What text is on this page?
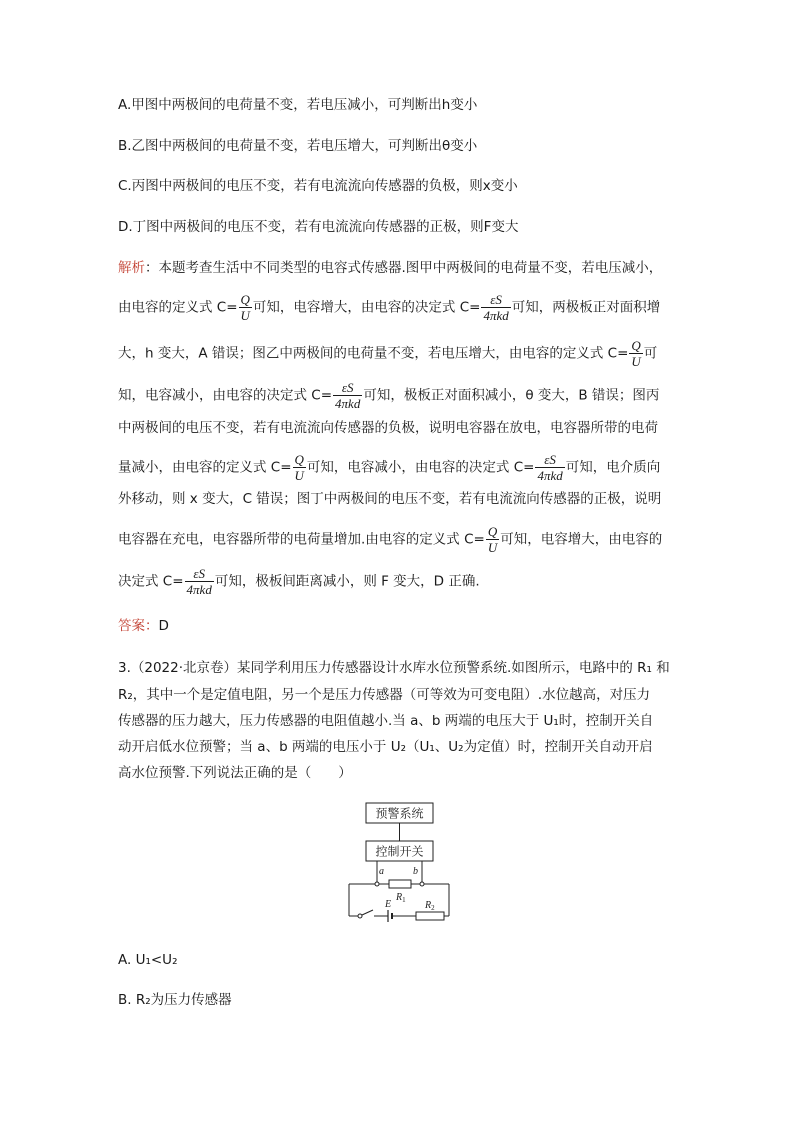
A.甲图中两极间的电荷量不变，若电压减小，可判断出h变小
B.乙图中两极间的电荷量不变，若电压增大，可判断出θ变小
C.丙图中两极间的电压不变，若有电流流向传感器的负极，则x变小
D.丁图中两极间的电压不变，若有电流流向传感器的正极，则F变大
解析：本题考查生活中不同类型的电容式传感器.图甲中两极间的电荷量不变，若电压减小，
由电容的定义式 $C= \frac{Q}{U}$ 可知，电容增大，由电容的决定式 $C= \frac{\varepsilon S}{\text{4πkd}}$ 可知，两极板正对面积增
大，h 变大，A 错误；图乙中两极间的电荷量不变，若电压增大，由电容的定义式 $C= \frac{Q}{U}$ 可
知，电容减小，由电容的决定式 $C= \frac{\varepsilon S}{\text{4πkd}}$ 可知，极板正对面积减小，θ 变大，B 错误；图丙
中两极间的电压不变，若有电流流向传感器的负极，说明电容器在放电，电容器所带的电荷
量减小，由电容的定义式 $C= \frac{Q}{U}$ 可知，电容减小，由电容的决定式 $C= \frac{\varepsilon S}{\text{4πkd}}$ 可知，电介质向
外移动，则 x 变大，C 错误；图丁中两极间的电压不变，若有电流流向传感器的正极，说明
电容器在充电，电容器所带的电荷量增加.由电容的定义式 $C= \frac{Q}{U}$ 可知，电容增大，由电容的
决定式 $C= \frac{\varepsilon S}{\text{4πkd}}$ 可知，极板间距离减小，则 F 变大，D 正确.
答案：D
3.（2022·北京卷）某同学利用压力传感器设计水库水位预警系统.如图所示，电路中的 R₁ 和
R₂，其中一个是定值电阻，另一个是压力传感器（可等效为可变电阻）.水位越高，对压力
传感器的压力越大，压力传感器的电阻值越小.当 a、b 两端的电压大于 U₁时，控制开关自
动开启低水位预警；当 a、b 两端的电压小于 U₂（U₁、U₂为定值）时，控制开关自动开启
高水位预警.下列说法正确的是（　　）
预警系统
控制开关
a	b
$R_1$
E	$R_2$
A. U₁<U₂
B. R₂为压力传感器
